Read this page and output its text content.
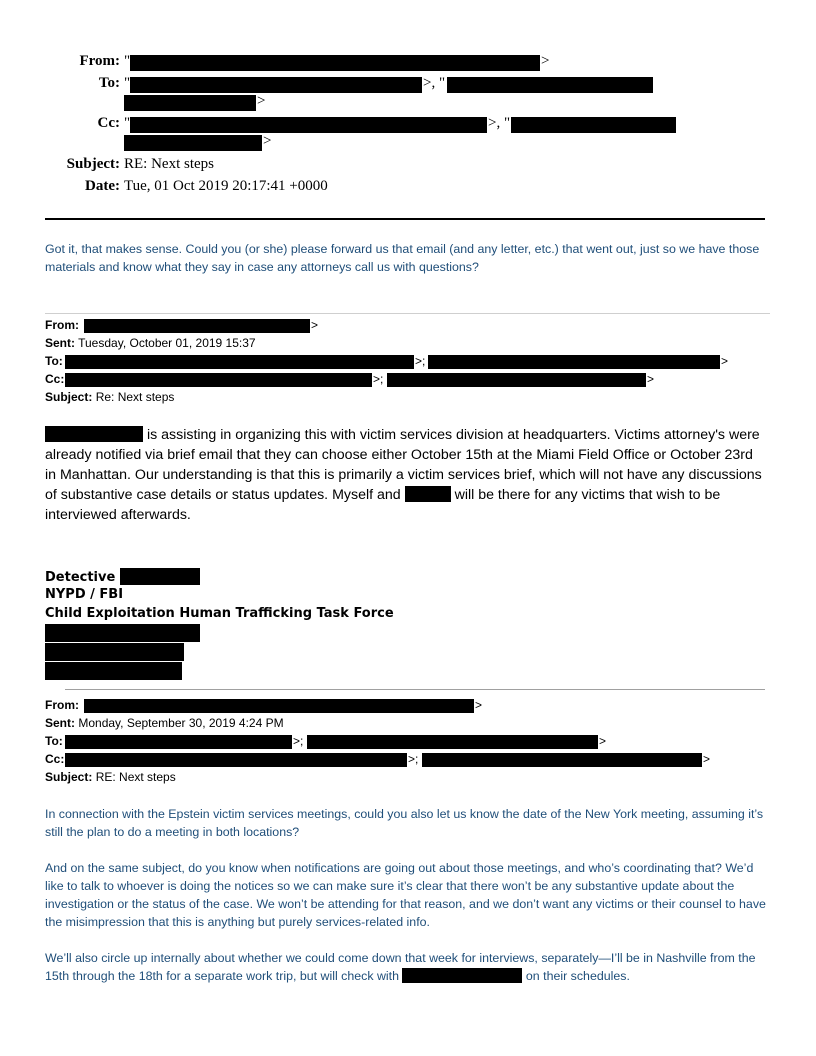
From: "	>
To: "	>, "
>
Cc: "	>, "
>
Subject: RE: Next steps
Date: Tue, 01 Oct 2019 20:17:41 +0000
Got it, that makes sense. Could you (or she) please forward us that email (and any letter, etc.) that went out, just so we have those materials and know what they say in case any attorneys call us with questions?
From:	>
Sent: Tuesday, October 01, 2019 15:37
To:	>;	>
Cc:	>;	>
Subject: Re: Next steps
is assisting in organizing this with victim services division at headquarters. Victims attorney's were already notified via brief email that they can choose either October 15th at the Miami Field Office or October 23rd in Manhattan. Our understanding is that this is primarily a victim services brief, which will not have any discussions of substantive case details or status updates. Myself and	will be there for any victims that wish to be interviewed afterwards.
Detective
NYPD / FBI
Child Exploitation Human Trafficking Task Force
From:	>
Sent: Monday, September 30, 2019 4:24 PM
To:	>;	>
Cc:	>;	>
Subject: RE: Next steps
In connection with the Epstein victim services meetings, could you also let us know the date of the New York meeting, assuming it’s still the plan to do a meeting in both locations?
And on the same subject, do you know when notifications are going out about those meetings, and who’s coordinating that? We’d like to talk to whoever is doing the notices so we can make sure it’s clear that there won’t be any substantive update about the investigation or the status of the case. We won’t be attending for that reason, and we don’t want any victims or their counsel to have the misimpression that this is anything but purely services-related info.
We’ll also circle up internally about whether we could come down that week for interviews, separately—I’ll be in Nashville from the 15th through the 18th for a separate work trip, but will check with	on their schedules.
